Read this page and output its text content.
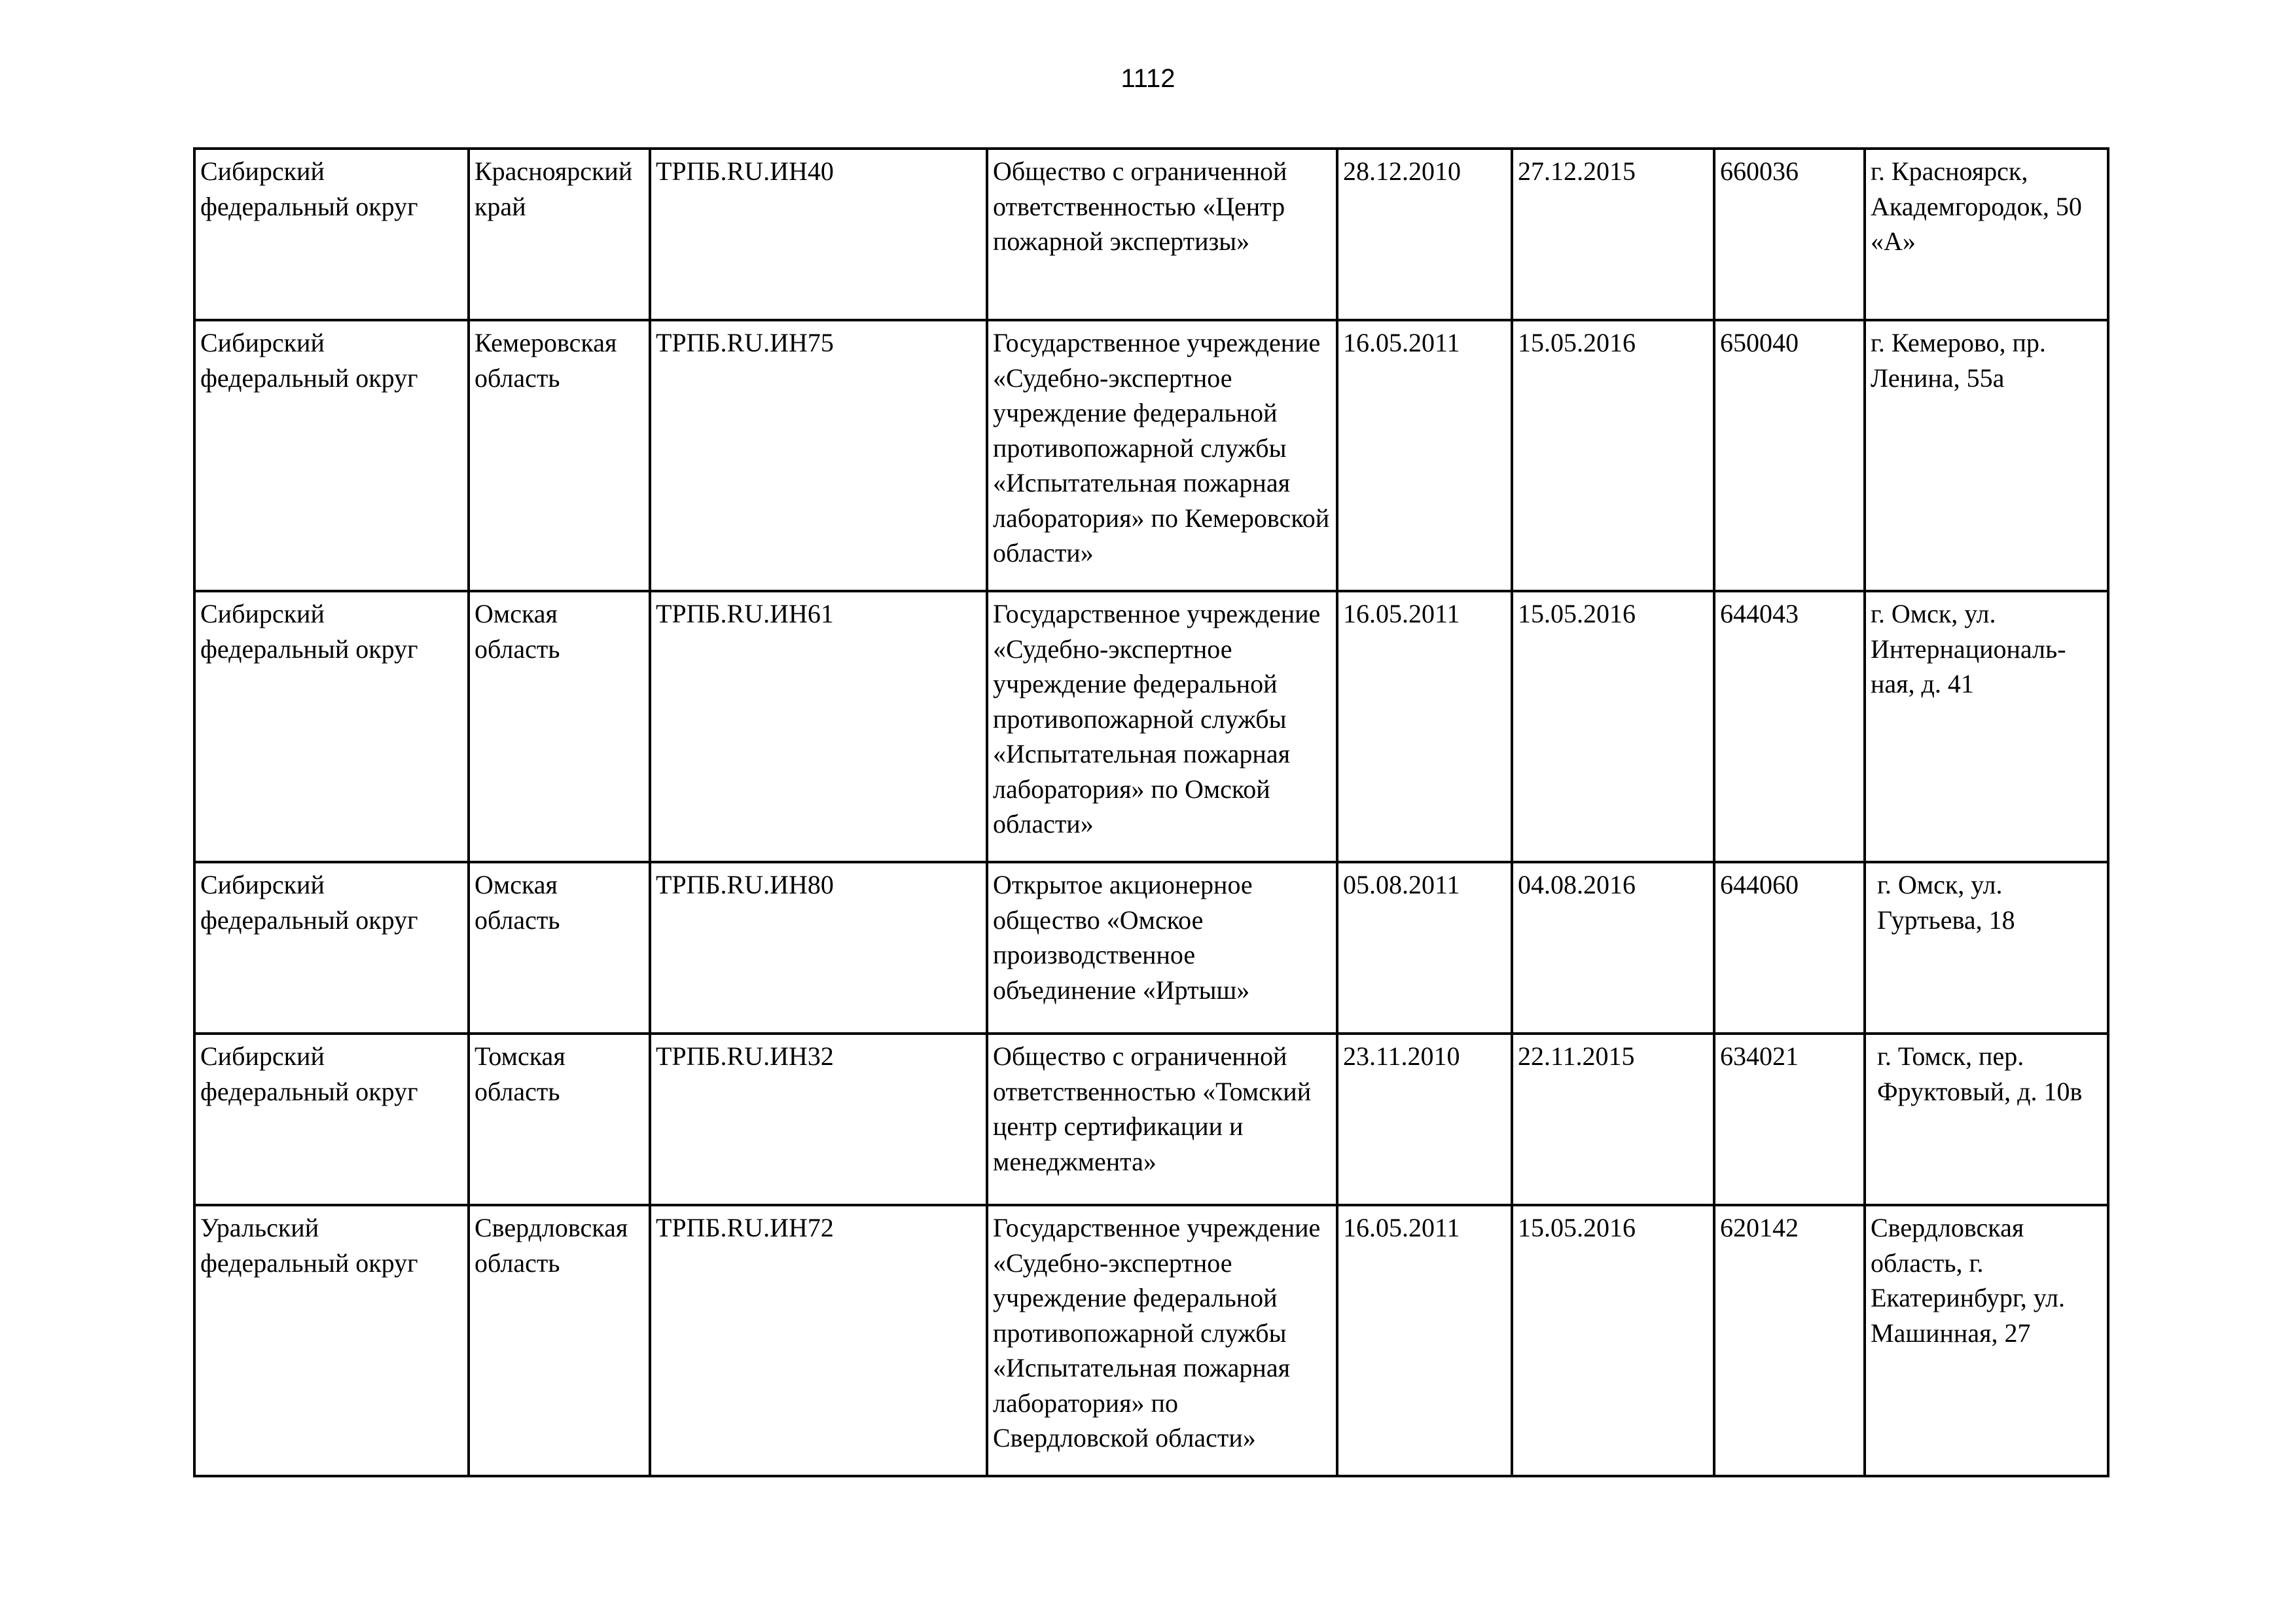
1112
Сибирский федеральный округ	Красноярский край	ТРПБ.RU.ИН40	Общество с ограниченной ответственностью «Центр пожарной экспертизы»	28.12.2010	27.12.2015	660036	г. Красноярск, Академгородок, 50 «А»
Сибирский федеральный округ	Кемеровская область	ТРПБ.RU.ИН75	Государственное учреждение «Судебно-экспертное учреждение федеральной противопожарной службы «Испытательная пожарная лаборатория» по Кемеровской области»	16.05.2011	15.05.2016	650040	г. Кемерово, пр. Ленина, 55а
Сибирский федеральный округ	Омская область	ТРПБ.RU.ИН61	Государственное учреждение «Судебно-экспертное учреждение федеральной противопожарной службы «Испытательная пожарная лаборатория» по Омской области»	16.05.2011	15.05.2016	644043	г. Омск, ул. Интернациональ-ная, д. 41
Сибирский федеральный округ	Омская область	ТРПБ.RU.ИН80	Открытое акционерное общество «Омское производственное объединение «Иртыш»	05.08.2011	04.08.2016	644060	г. Омск, ул. Гуртьева, 18

Сибирский федеральный округ	Томская область	ТРПБ.RU.ИН32	Общество с ограниченной ответственностью «Томский центр сертификации и менеджмента»	23.11.2010	22.11.2015	634021	г. Томск, пер. Фруктовый, д. 10в

Уральский федеральный округ	Свердловская область	ТРПБ.RU.ИН72	Государственное учреждение «Судебно-экспертное учреждение федеральной противопожарной службы «Испытательная пожарная лаборатория» по Свердловской области»	16.05.2011	15.05.2016	620142	Свердловская область, г. Екатеринбург, ул. Машинная, 27
